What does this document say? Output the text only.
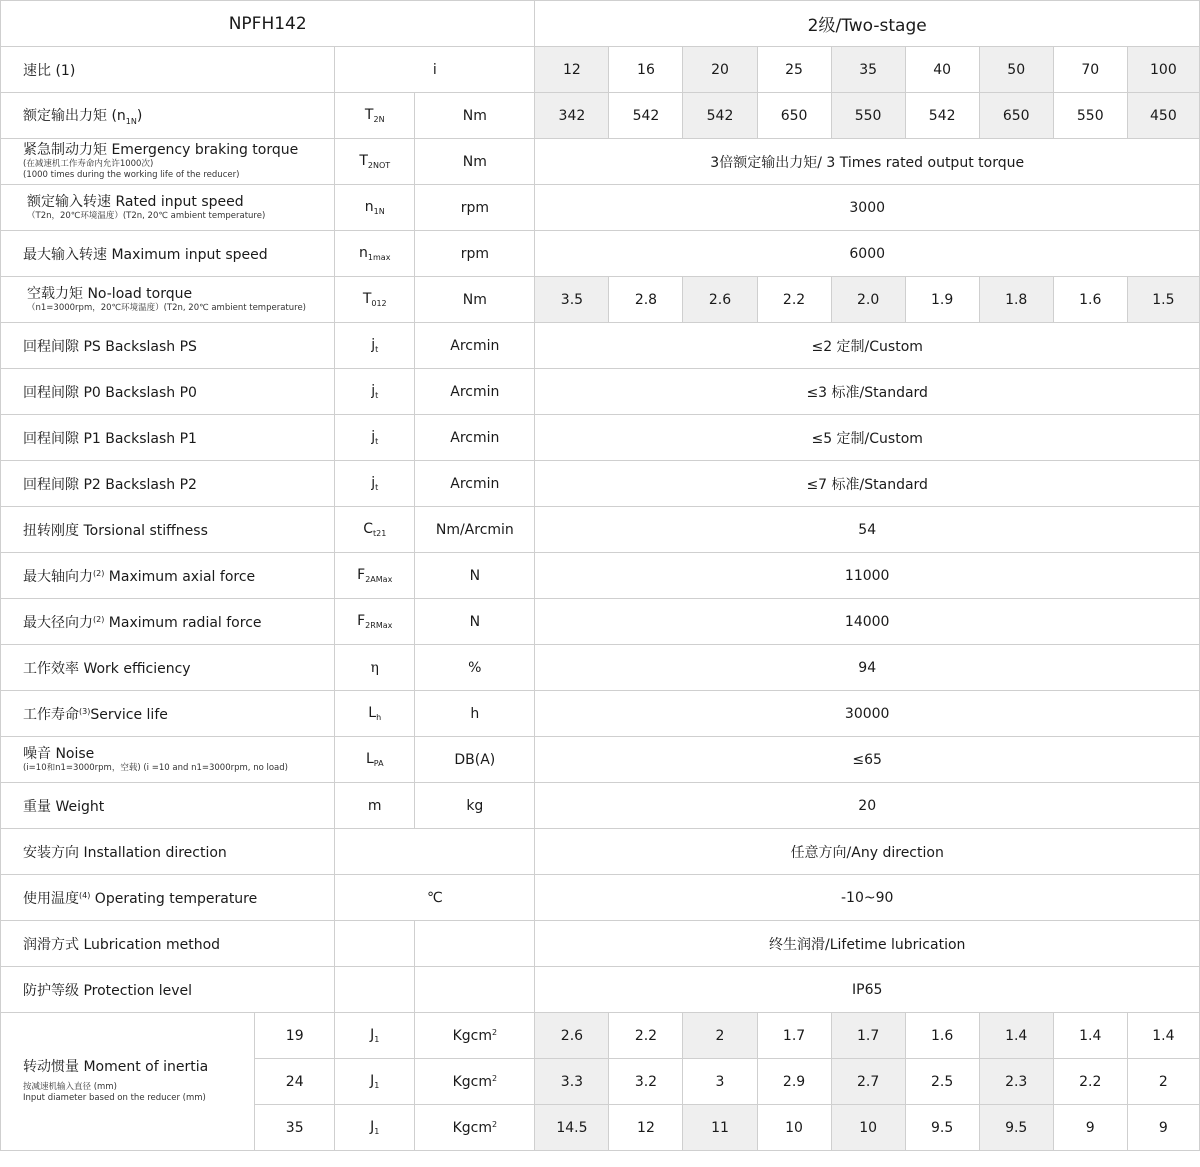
NPFH142				2级/Two-stage								
速比 (1)		i		12	16	20	25	35	40	50	70	100
额定输出力矩 $(n_{1N})$		$T_{2N}$	Nm	342	542	542	650	550	542	650	550	450

紧急制动力矩 Emergency braking torque
(在减速机工作寿命内允许1000次)
(1000 times during the working life of the reducer)		$T_{2NOT}$	Nm	3倍额定输出力矩/ 3 Times rated output torque								

额定输入转速 Rated input speed
（T2n，20℃环境温度）(T2n, 20℃ ambient temperature)		$n_{1N}$	rpm	3000								
最大输入转速 Maximum input speed		$n_{1max}$	rpm	6000								

空载力矩 No-load torque
（n1=3000rpm，20℃环境温度）(T2n, 20℃ ambient temperature)		$T_{012}$	Nm	3.5	2.8	2.6	2.2	2.0	1.9	1.8	1.6	1.5
回程间隙 PS Backslash PS		$j_t$	Arcmin	≤2 定制/Custom								
回程间隙 P0 Backslash P0		$j_t$	Arcmin	≤3 标准/Standard								
回程间隙 P1 Backslash P1		$j_t$	Arcmin	≤5 定制/Custom								
回程间隙 P2 Backslash P2		$j_t$	Arcmin	≤7 标准/Standard								
扭转刚度 Torsional stiffness		$C_{t21}$	Nm/Arcmin	54								
最大轴向力$^{(2)}$ Maximum axial force		$F_{2AMax}$	N	11000								
最大径向力$^{(2)}$ Maximum radial force		$F_{2RMax}$	N	14000								
工作效率 Work efficiency		η	%	94								
工作寿命$^{(3)}$Service life		$L_h$	h	30000								

噪音 Noise
(i=10和n1=3000rpm，空载) (i =10 and n1=3000rpm, no load)		$L_{PA}$	DB(A)	≤65								
重量 Weight		m	kg	20								
安装方向 Installation direction				任意方向/Any direction								
使用温度$^{(4)}$ Operating temperature		℃		-10~90								
润滑方式 Lubrication method				终生润滑/Lifetime lubrication								
防护等级 Protection level				IP65								

转动惯量 Moment of inertia
按减速机输入直径 (mm)
Input diameter based on the reducer (mm)	19	$J_1$	Kgcm$^2$	2.6	2.2	2	1.7	1.7	1.6	1.4	1.4	1.4
	24	$J_1$	Kgcm$^2$	3.3	3.2	3	2.9	2.7	2.5	2.3	2.2	2
	35	$J_1$	Kgcm$^2$	14.5	12	11	10	10	9.5	9.5	9	9
